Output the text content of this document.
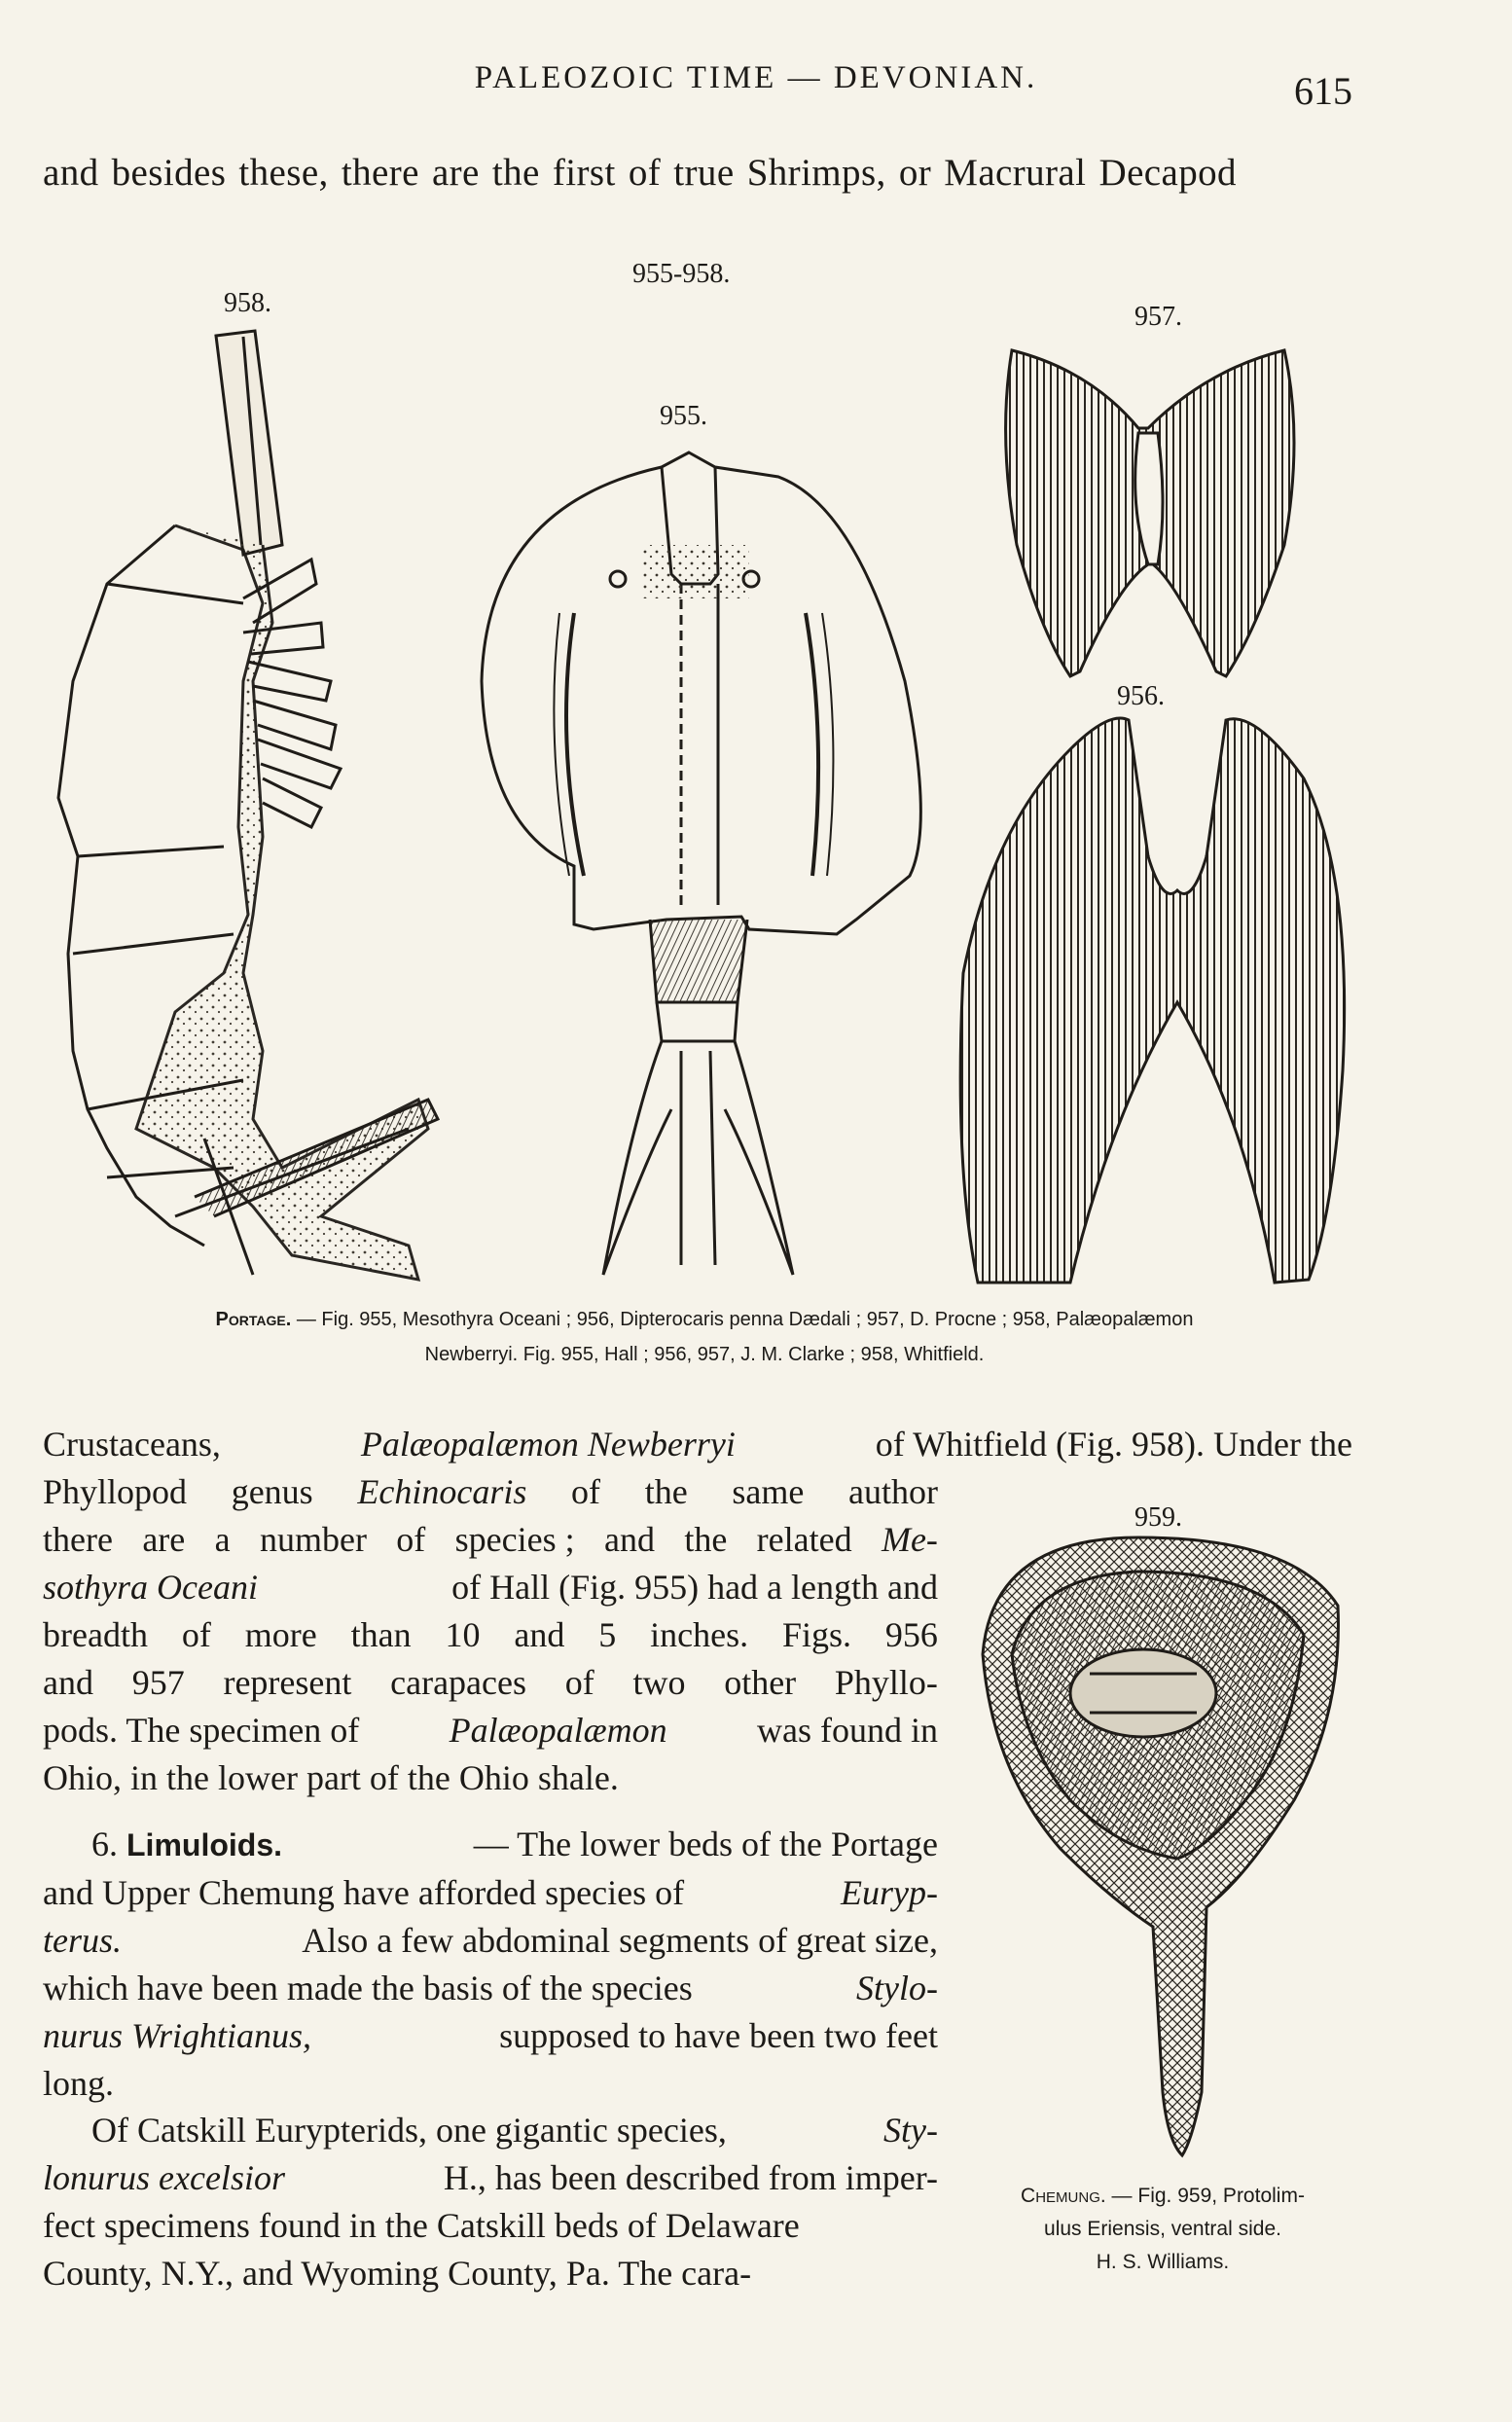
PALEOZOIC TIME — DEVONIAN.	615
and besides these, there are the first of true Shrimps, or Macrural Decapod
955-958.
958.
955.
957.
956.
959.
Portage. — Fig. 955, Mesothyra Oceani ; 956, Dipterocaris penna Dædali ; 957, D. Procne ; 958, Palæopalæmon
Newberryi. Fig. 955, Hall ; 956, 957, J. M. Clarke ; 958, Whitfield.
Crustaceans,	Palæopalæmon Newberryi	of Whitfield (Fig. 958). Under the
Phyllopod genus Echinocaris of the same author
there are a number of species ; and the related Me-
sothyra Oceani	of Hall (Fig. 955) had a length and
breadth of more than 10 and 5 inches. Figs. 956
and 957 represent carapaces of two other Phyllo-
pods. The specimen of	Palæopalæmon	was found in
Ohio, in the lower part of the Ohio shale.
6. Limuloids.	— The lower beds of the Portage
and Upper Chemung have afforded species of	Euryp-
terus.	Also a few abdominal segments of great size,
which have been made the basis of the species	Stylo-
nurus Wrightianus,	supposed to have been two feet
long.
Of Catskill Eurypterids, one gigantic species,	Sty-
lonurus excelsior	H., has been described from imper-
fect specimens found in the Catskill beds of Delaware
County, N.Y., and Wyoming County, Pa. The cara-
Chemung. — Fig. 959, Protolim-
ulus Eriensis, ventral side.
H. S. Williams.
